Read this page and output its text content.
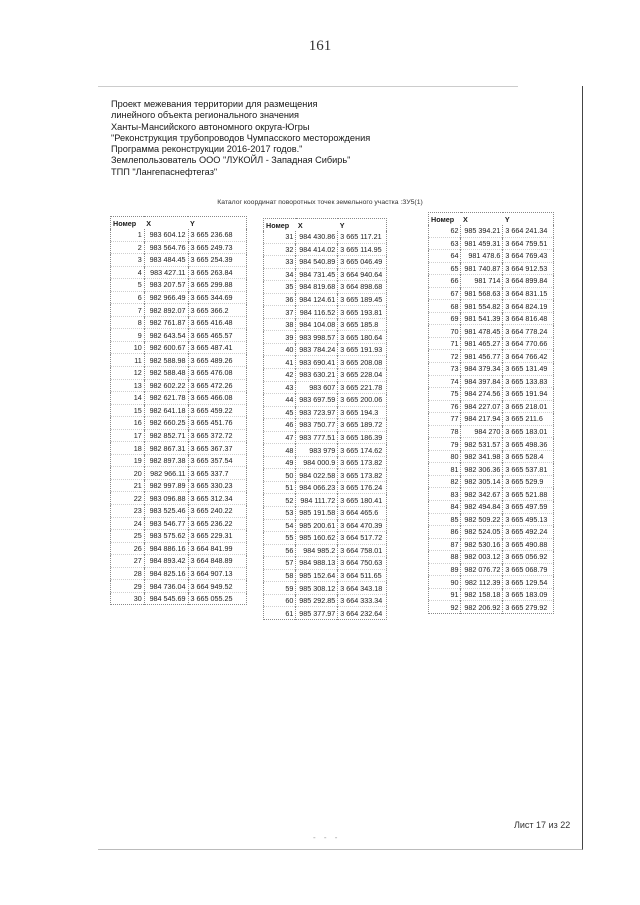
161
Проект межевания территории для размещения
линейного объекта регионального значения
Ханты-Мансийского автономного округа-Югры
"Реконструкция трубопроводов Чумпасского месторождения
Программа реконструкции 2016-2017 годов."
Землепользователь ООО "ЛУКОЙЛ - Западная Сибирь"
ТПП "Лангепаснефтегаз"
Каталог координат поворотных точек земельного участка :ЗУ5(1)
Номер	X	Y
1	983 604.12	3 665 236.68
2	983 564.76	3 665 249.73
3	983 484.45	3 665 254.39
4	983 427.11	3 665 263.84
5	983 207.57	3 665 299.88
6	982 966.49	3 665 344.69
7	982 892.07	3 665 366.2
8	982 761.87	3 665 416.48
9	982 643.54	3 665 465.57
10	982 600.67	3 665 487.41
11	982 588.98	3 665 489.26
12	982 588.48	3 665 476.08
13	982 602.22	3 665 472.26
14	982 621.78	3 665 466.08
15	982 641.18	3 665 459.22
16	982 660.25	3 665 451.76
17	982 852.71	3 665 372.72
18	982 867.31	3 665 367.37
19	982 897.38	3 665 357.54
20	982 966.11	3 665 337.7
21	982 997.89	3 665 330.23
22	983 096.88	3 665 312.34
23	983 525.46	3 665 240.22
24	983 546.77	3 665 236.22
25	983 575.62	3 665 229.31
26	984 886.16	3 664 841.99
27	984 893.42	3 664 848.89
28	984 825.16	3 664 907.13
29	984 736.04	3 664 949.52
30	984 545.69	3 665 055.25
Номер	X	Y
31	984 430.86	3 665 117.21
32	984 414.02	3 665 114.95
33	984 540.89	3 665 046.49
34	984 731.45	3 664 940.64
35	984 819.68	3 664 898.68
36	984 124.61	3 665 189.45
37	984 116.52	3 665 193.81
38	984 104.08	3 665 185.8
39	983 998.57	3 665 180.64
40	983 784.24	3 665 191.93
41	983 690.41	3 665 208.08
42	983 630.21	3 665 228.04
43	983 607	3 665 221.78
44	983 697.59	3 665 200.06
45	983 723.97	3 665 194.3
46	983 750.77	3 665 189.72
47	983 777.51	3 665 186.39
48	983 979	3 665 174.62
49	984 000.9	3 665 173.82
50	984 022.58	3 665 173.82
51	984 066.23	3 665 176.24
52	984 111.72	3 665 180.41
53	985 191.58	3 664 465.6
54	985 200.61	3 664 470.39
55	985 160.62	3 664 517.72
56	984 985.2	3 664 758.01
57	984 988.13	3 664 750.63
58	985 152.64	3 664 511.65
59	985 308.12	3 664 343.18
60	985 292.85	3 664 333.34
61	985 377.97	3 664 232.64
Номер	X	Y
62	985 394.21	3 664 241.34
63	981 459.31	3 664 759.51
64	981 478.6	3 664 769.43
65	981 740.87	3 664 912.53
66	981 714	3 664 899.84
67	981 568.63	3 664 831.15
68	981 554.82	3 664 824.19
69	981 541.39	3 664 816.48
70	981 478.45	3 664 778.24
71	981 465.27	3 664 770.66
72	981 456.77	3 664 766.42
73	984 379.34	3 665 131.49
74	984 397.84	3 665 133.83
75	984 274.56	3 665 191.94
76	984 227.07	3 665 218.01
77	984 217.94	3 665 211.6
78	984 270	3 665 183.01
79	982 531.57	3 665 498.36
80	982 341.98	3 665 528.4
81	982 306.36	3 665 537.81
82	982 305.14	3 665 529.9
83	982 342.67	3 665 521.88
84	982 494.84	3 665 497.59
85	982 509.22	3 665 495.13
86	982 524.05	3 665 492.24
87	982 530.16	3 665 490.88
88	982 003.12	3 665 056.92
89	982 076.72	3 665 068.79
90	982 112.39	3 665 129.54
91	982 158.18	3 665 183.09
92	982 206.92	3 665 279.92
Лист 17 из 22
- - -
